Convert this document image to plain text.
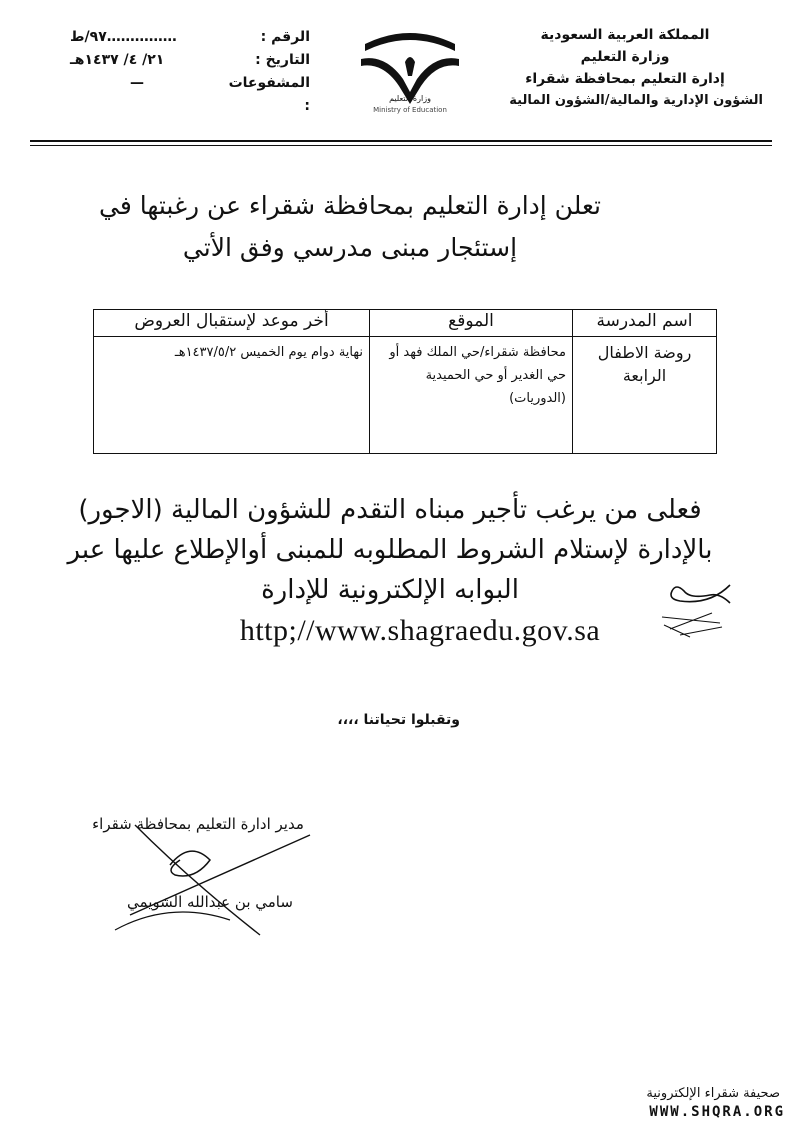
المملكة العربية السعودية
وزارة التعليم
إدارة التعليم بمحافظة شقراء
الشؤون الإدارية والمالية/الشؤون المالية
وزارة التعليم
Ministry of Education
الرقم :
……………٩٧/ط
التاريخ :
٢١/ ٤/ ١٤٣٧هـ
المشفوعات :
—
تعلن إدارة التعليم بمحافظة شقراء عن رغبتها في
إستئجار مبنى مدرسي وفق الأتي
اسم المدرسة	الموقع	أخر موعد لإستقبال العروض
روضة الاطفال الرابعة	محافظة شقراء/حي الملك فهد أو حي الغدير أو حي الحميدية (الدوريات)	نهاية دوام يوم الخميس ١٤٣٧/٥/٢هـ
فعلى من يرغب تأجير مبناه التقدم للشؤون المالية (الاجور)
بالإدارة لإستلام الشروط المطلوبه للمبنى أوالإطلاع عليها عبر
البوابه الإلكترونية للإدارة
http;//www.shagraedu.gov.sa
وتقبلوا تحياتنا ،،،،
مدير ادارة التعليم بمحافظة شقراء
سامي بن عبدالله الشويمي
صحيفة شقراء الإلكترونية
WWW.SHQRA.ORG
